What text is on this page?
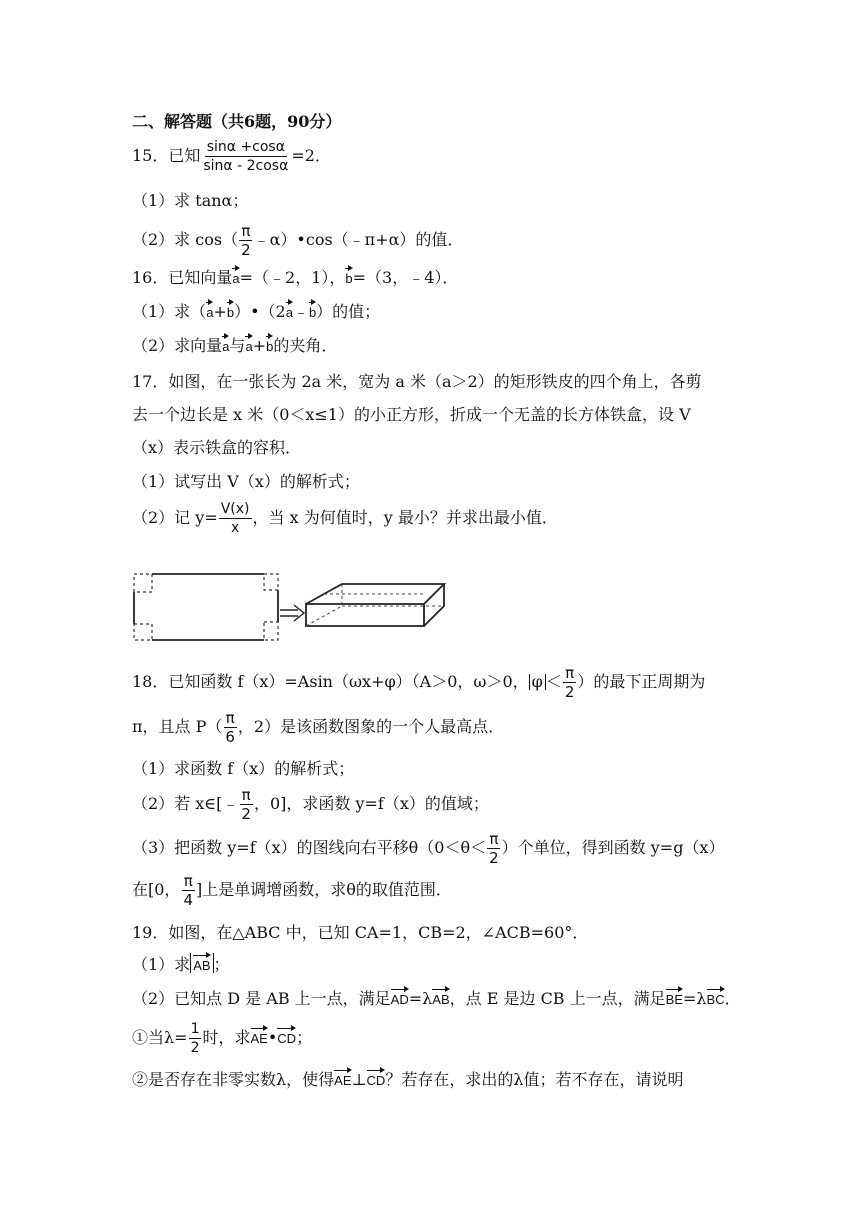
二、解答题（共6题，90分）
15．已知 $\frac{\sin\alpha +\cos\alpha}{\sin\alpha - 2\cos\alpha} =2$．
（1）求 tanα；
（2）求 $\cos( \frac{\pi}{2}$ ﹣α）•cos（﹣π+α）的值．
16．已知向量a=（﹣2，1），b=（3，﹣4）．
（1）求（a+b）•（2a﹣b）的值；
（2）求向量a与a+b的夹角．
17．如图，在一张长为 2a 米，宽为 a 米（a＞2）的矩形铁皮的四个角上，各剪
去一个边长是 x 米（0＜x≤1）的小正方形，折成一个无盖的长方体铁盒，设 V
（x）表示铁盒的容积．
（1）试写出 V（x）的解析式；
（2）记 $y= \frac{V(x)}{x}$ ，当 x 为何值时，y 最小？并求出最小值．
18．已知函数 f（x）=Asin（ωx+φ）（A＞0，ω＞0， $\varphi < \frac{\pi}{2}$ ）的最下正周期为
π，且点 $P( \frac{\pi}{6}$ ，2）是该函数图象的一个人最高点．
（1）求函数 f（x）的解析式；
（2）若 x∈[﹣ $\frac{\pi}{2}$ ，0]，求函数 y=f（x）的值域；
（3）把函数 y=f（x）的图线向右平移$\theta(0<\theta< \frac{\pi}{2}$ ）个单位，得到函数 y=g（x）
在[0， $\frac{\pi}{4}$ ]上是单调增函数，求θ的取值范围．
19．如图，在△ABC 中，已知 CA=1，CB=2，∠ACB=60°．
（1）求 AB ；
（2）已知点 D 是 AB 上一点，满足AD=λAB，点 E 是边 CB 上一点，满足BE=λBC．
①当$\lambda= \frac{1}{2}$ 时，求AE•CD；
②是否存在非零实数λ，使得AE⊥CD？若存在，求出的λ值；若不存在，请说明
